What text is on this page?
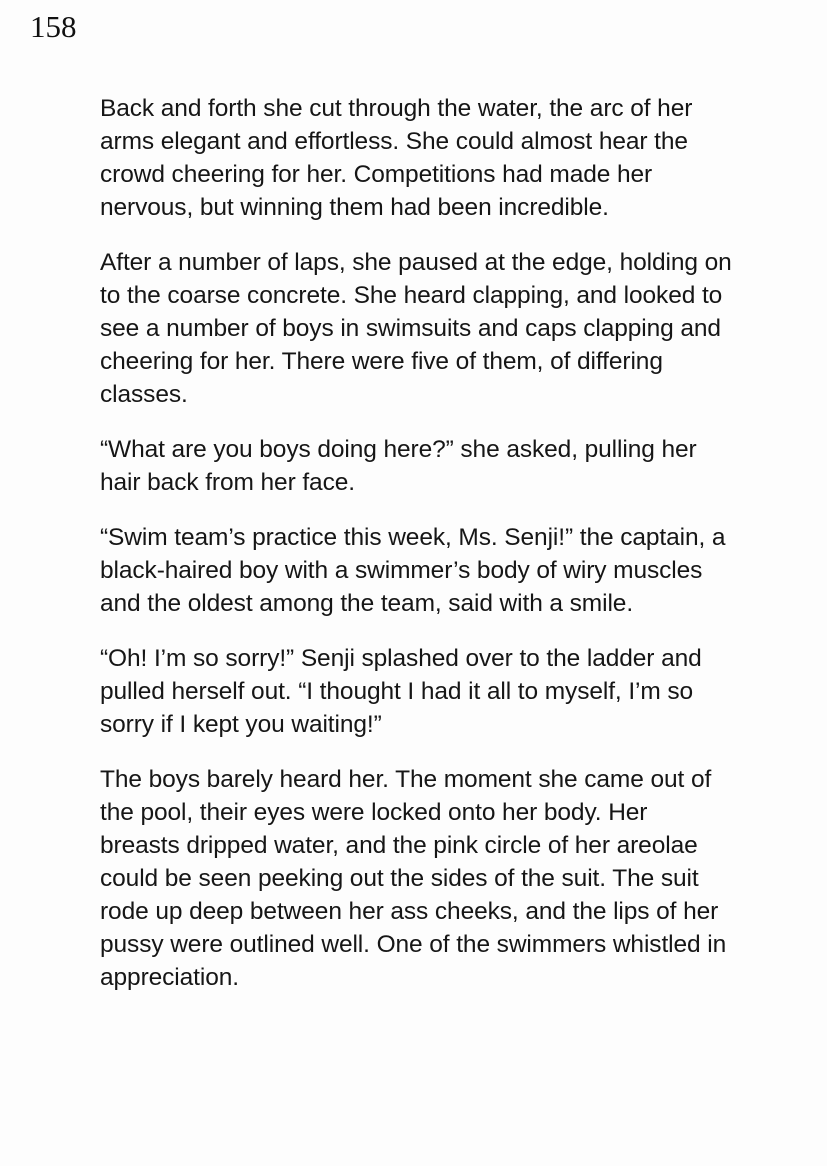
158

Back and forth she cut through the water, the arc of her arms elegant and effortless. She could almost hear the crowd cheering for her. Competitions had made her nervous, but winning them had been incredible.

After a number of laps, she paused at the edge, holding on to the coarse concrete. She heard clapping, and looked to see a number of boys in swimsuits and caps clapping and cheering for her. There were five of them, of differing classes.

“What are you boys doing here?” she asked, pulling her hair back from her face.

“Swim team’s practice this week, Ms. Senji!” the captain, a black-haired boy with a swimmer’s body of wiry muscles and the oldest among the team, said with a smile.

“Oh! I’m so sorry!” Senji splashed over to the ladder and pulled herself out. “I thought I had it all to myself, I’m so sorry if I kept you waiting!”

The boys barely heard her. The moment she came out of the pool, their eyes were locked onto her body. Her breasts dripped water, and the pink circle of her areolae could be seen peeking out the sides of the suit. The suit rode up deep between her ass cheeks, and the lips of her pussy were outlined well. One of the swimmers whistled in appreciation.
